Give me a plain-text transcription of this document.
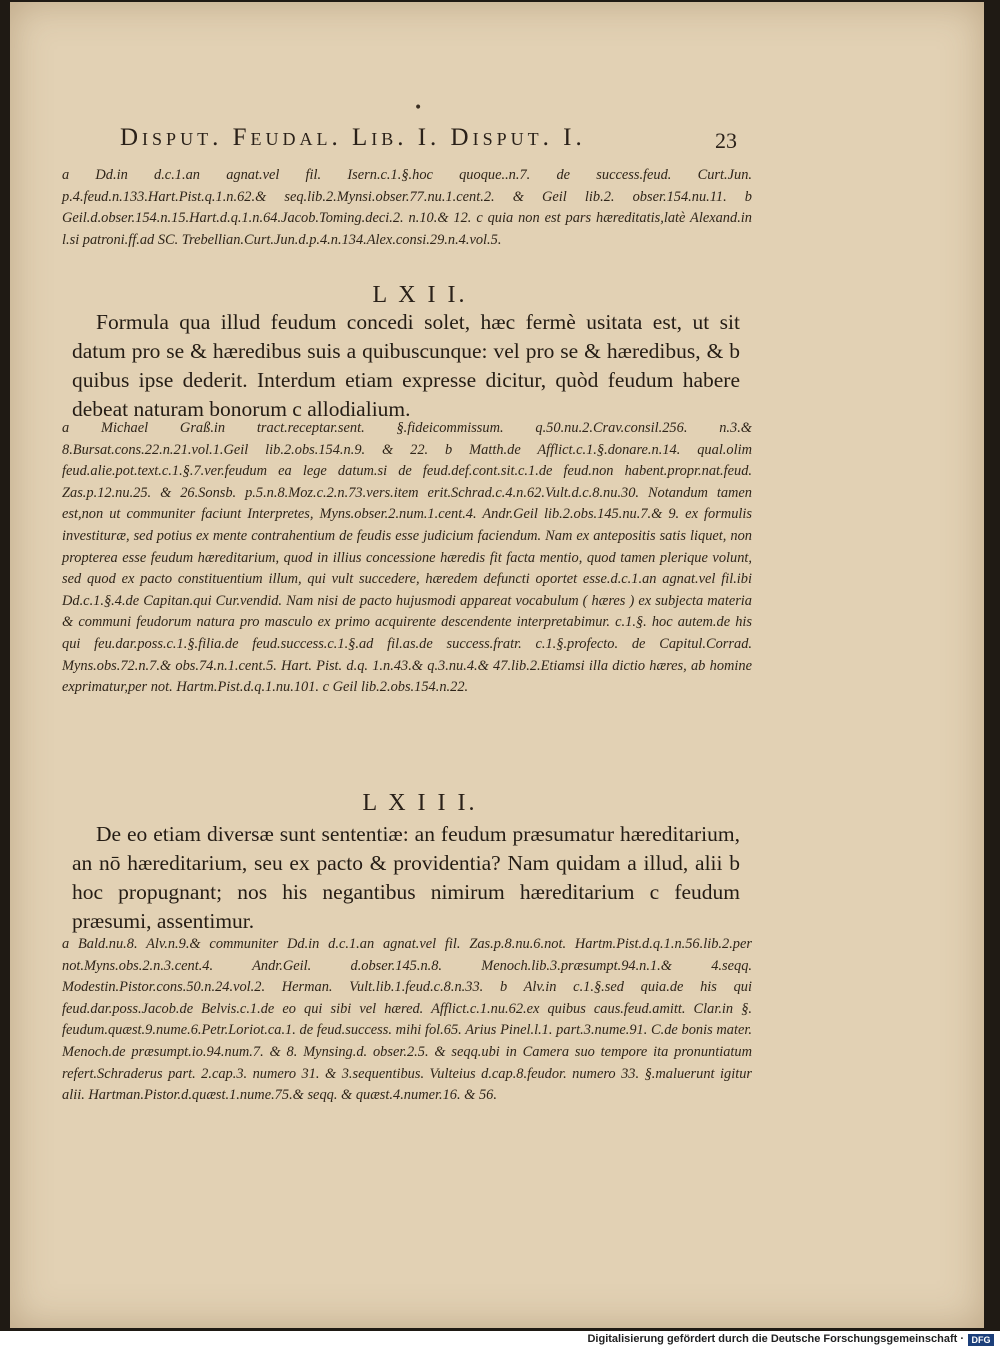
•
Disput. Feudal. Lib. I. Disput. I.	23
a Dd.in d.c.1.an agnat.vel fil. Isern.c.1.§.hoc quoque..n.7. de success.feud. Curt.Jun. p.4.feud.n.133.Hart.Pist.q.1.n.62.& seq.lib.2.Mynsi.obser.77.nu.1.cent.2. & Geil lib.2. obser.154.nu.11. b Geil.d.obser.154.n.15.Hart.d.q.1.n.64.Jacob.Toming.deci.2. n.10.& 12. c quia non est pars hæreditatis,latè Alexand.in l.si patroni.ff.ad SC. Trebellian.Curt.Jun.d.p.4.n.134.Alex.consi.29.n.4.vol.5.
L X I I.
Formula qua illud feudum concedi solet, hæc fermè usitata est, ut sit datum pro se & hæredibus suis a quibuscunque: vel pro se & hæredibus, & b quibus ipse dederit. Interdum etiam expresse dicitur, quòd feudum habere debeat naturam bonorum c allodialium.
a Michael Graß.in tract.receptar.sent. §.fideicommissum. q.50.nu.2.Crav.consil.256. n.3.& 8.Bursat.cons.22.n.21.vol.1.Geil lib.2.obs.154.n.9. & 22. b Matth.de Afflict.c.1.§.donare.n.14. qual.olim feud.alie.pot.text.c.1.§.7.ver.feudum ea lege datum.si de feud.def.cont.sit.c.1.de feud.non habent.propr.nat.feud. Zas.p.12.nu.25. & 26.Sonsb. p.5.n.8.Moz.c.2.n.73.vers.item erit.Schrad.c.4.n.62.Vult.d.c.8.nu.30. Notandum tamen est,non ut communiter faciunt Interpretes, Myns.obser.2.num.1.cent.4. Andr.Geil lib.2.obs.145.nu.7.& 9. ex formulis investituræ, sed potius ex mente contrahentium de feudis esse judicium faciendum. Nam ex antepositis satis liquet, non propterea esse feudum hæreditarium, quod in illius concessione hæredis fit facta mentio, quod tamen plerique volunt, sed quod ex pacto constituentium illum, qui vult succedere, hæredem defuncti oportet esse.d.c.1.an agnat.vel fil.ibi Dd.c.1.§.4.de Capitan.qui Cur.vendid. Nam nisi de pacto hujusmodi appareat vocabulum ( hæres ) ex subjecta materia & communi feudorum natura pro masculo ex primo acquirente descendente interpretabimur. c.1.§. hoc autem.de his qui feu.dar.poss.c.1.§.filia.de feud.success.c.1.§.ad fil.as.de success.fratr. c.1.§.profecto. de Capitul.Corrad. Myns.obs.72.n.7.& obs.74.n.1.cent.5. Hart. Pist. d.q. 1.n.43.& q.3.nu.4.& 47.lib.2.Etiamsi illa dictio hæres, ab homine exprimatur,per not. Hartm.Pist.d.q.1.nu.101. c Geil lib.2.obs.154.n.22.
L X I I I.
De eo etiam diversæ sunt sententiæ: an feudum præsumatur hæreditarium, an nō hæreditarium, seu ex pacto & providentia? Nam quidam a illud, alii b hoc propugnant; nos his negantibus nimirum hæreditarium c feudum præsumi, assentimur.
a Bald.nu.8. Alv.n.9.& communiter Dd.in d.c.1.an agnat.vel fil. Zas.p.8.nu.6.not. Hartm.Pist.d.q.1.n.56.lib.2.per not.Myns.obs.2.n.3.cent.4. Andr.Geil. d.obser.145.n.8. Menoch.lib.3.præsumpt.94.n.1.& 4.seqq. Modestin.Pistor.cons.50.n.24.vol.2. Herman. Vult.lib.1.feud.c.8.n.33. b Alv.in c.1.§.sed quia.de his qui feud.dar.poss.Jacob.de Belvis.c.1.de eo qui sibi vel hæred. Afflict.c.1.nu.62.ex quibus caus.feud.amitt. Clar.in §. feudum.quæst.9.nume.6.Petr.Loriot.ca.1. de feud.success. mihi fol.65. Arius Pinel.l.1. part.3.nume.91. C.de bonis mater. Menoch.de præsumpt.io.94.num.7. & 8. Mynsing.d. obser.2.5. & seqq.ubi in Camera suo tempore ita pronuntiatum refert.Schraderus part. 2.cap.3. numero 31. & 3.sequentibus. Vulteius d.cap.8.feudor. numero 33. §.maluerunt igitur alii. Hartman.Pistor.d.quæst.1.nume.75.& seqq. & quæst.4.numer.16. & 56.
Digitalisierung gefördert durch die Deutsche Forschungsgemeinschaft · DFG
